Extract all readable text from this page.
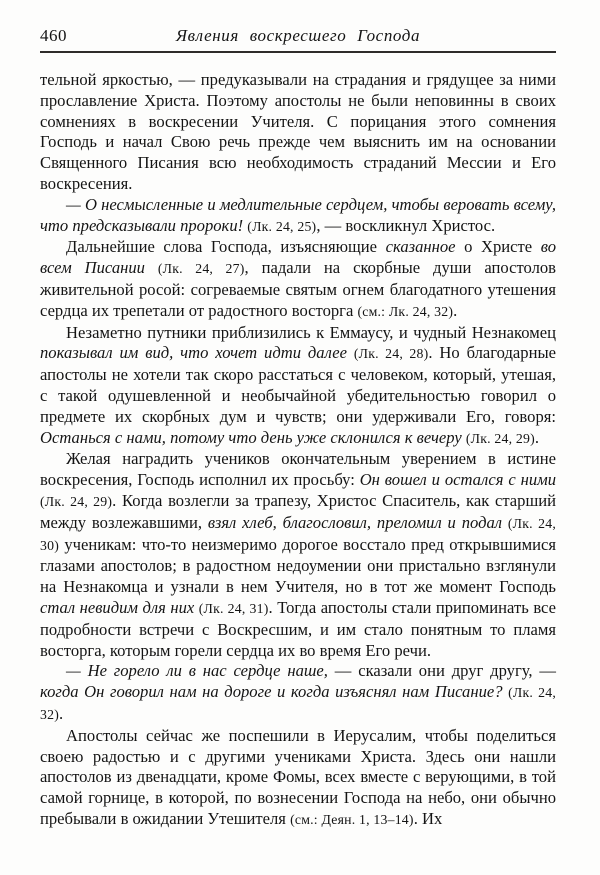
460	Явления воскресшего Господа

тельной яркостью, — предуказывали на страдания и грядущее за ними прославление Христа. Поэтому апостолы не были неповинны в своих сомнениях в воскресении Учителя. С порицания этого сомнения Господь и начал Свою речь прежде чем выяснить им на основании Священного Писания всю необходимость страданий Мессии и Его воскресения.

— О несмысленные и медлительные сердцем, чтобы веровать всему, что предсказывали пророки! (Лк. 24, 25), — воскликнул Христос.

Дальнейшие слова Господа, изъясняющие сказанное о Христе во всем Писании (Лк. 24, 27), падали на скорбные души апостолов живительной росой: согреваемые святым огнем благодатного утешения сердца их трепетали от радостного восторга (см.: Лк. 24, 32).

Незаметно путники приблизились к Еммаусу, и чудный Незнакомец показывал им вид, что хочет идти далее (Лк. 24, 28). Но благодарные апостолы не хотели так скоро расстаться с человеком, который, утешая, с такой одушевленной и необычайной убедительностью говорил о предмете их скорбных дум и чувств; они удерживали Его, говоря: Останься с нами, потому что день уже склонился к вечеру (Лк. 24, 29).

Желая наградить учеников окончательным уверением в истине воскресения, Господь исполнил их просьбу: Он вошел и остался с ними (Лк. 24, 29). Когда возлегли за трапезу, Христос Спаситель, как старший между возлежавшими, взял хлеб, благословил, преломил и подал (Лк. 24, 30) ученикам: что-то неизмеримо дорогое восстало пред открывшимися глазами апостолов; в радостном недоумении они пристально взглянули на Незнакомца и узнали в нем Учителя, но в тот же момент Господь стал невидим для них (Лк. 24, 31). Тогда апостолы стали припоминать все подробности встречи с Воскресшим, и им стало понятным то пламя восторга, которым горели сердца их во время Его речи.

— Не горело ли в нас сердце наше, — сказали они друг другу, — когда Он говорил нам на дороге и когда изъяснял нам Писание? (Лк. 24, 32).

Апостолы сейчас же поспешили в Иерусалим, чтобы поделиться своею радостью и с другими учениками Христа. Здесь они нашли апостолов из двенадцати, кроме Фомы, всех вместе с верующими, в той самой горнице, в которой, по вознесении Господа на небо, они обычно пребывали в ожидании Утешителя (см.: Деян. 1, 13–14). Их
